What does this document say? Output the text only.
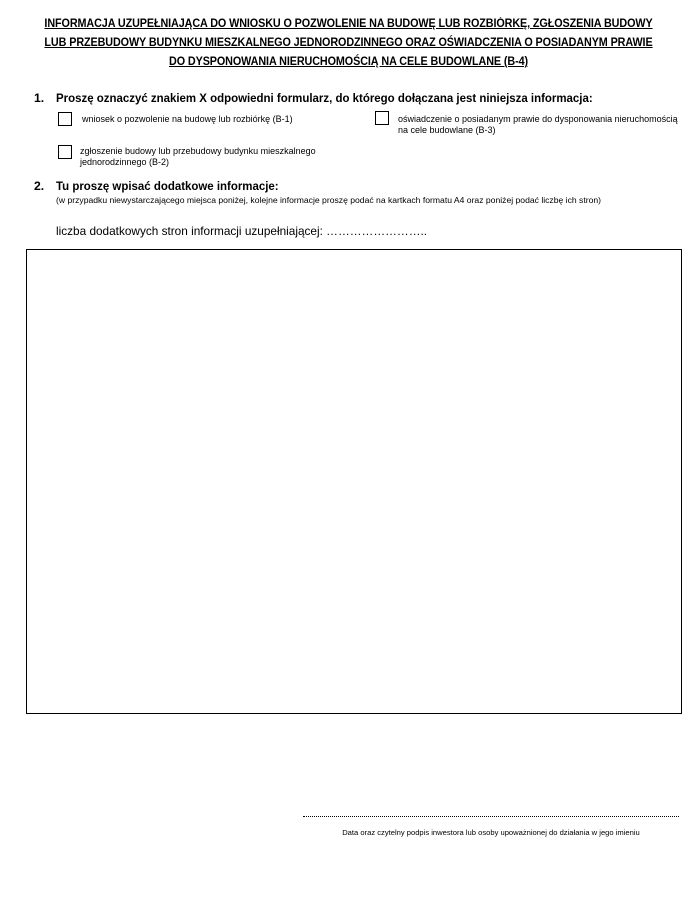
INFORMACJA UZUPEŁNIAJĄCA DO WNIOSKU O POZWOLENIE NA BUDOWĘ LUB ROZBIÓRKĘ, ZGŁOSZENIA BUDOWY
LUB PRZEBUDOWY BUDYNKU MIESZKALNEGO JEDNORODZINNEGO ORAZ OŚWIADCZENIA O POSIADANYM PRAWIE
DO DYSPONOWANIA NIERUCHOMOŚCIĄ NA CELE BUDOWLANE (B-4)
1. Proszę oznaczyć znakiem X odpowiedni formularz, do którego dołączana jest niniejsza informacja:
wniosek o pozwolenie na budowę lub rozbiórkę (B-1)	oświadczenie o posiadanym prawie do dysponowania nieruchomością
na cele budowlane (B-3)
zgłoszenie budowy lub przebudowy budynku mieszkalnego
jednorodzinnego (B-2)
2. Tu proszę wpisać dodatkowe informacje:
(w przypadku niewystarczającego miejsca poniżej, kolejne informacje proszę podać na kartkach formatu A4 oraz poniżej podać liczbę ich stron)
liczba dodatkowych stron informacji uzupełniającej: ……………………..
Data oraz czytelny podpis inwestora lub osoby upoważnionej do działania w jego imieniu
